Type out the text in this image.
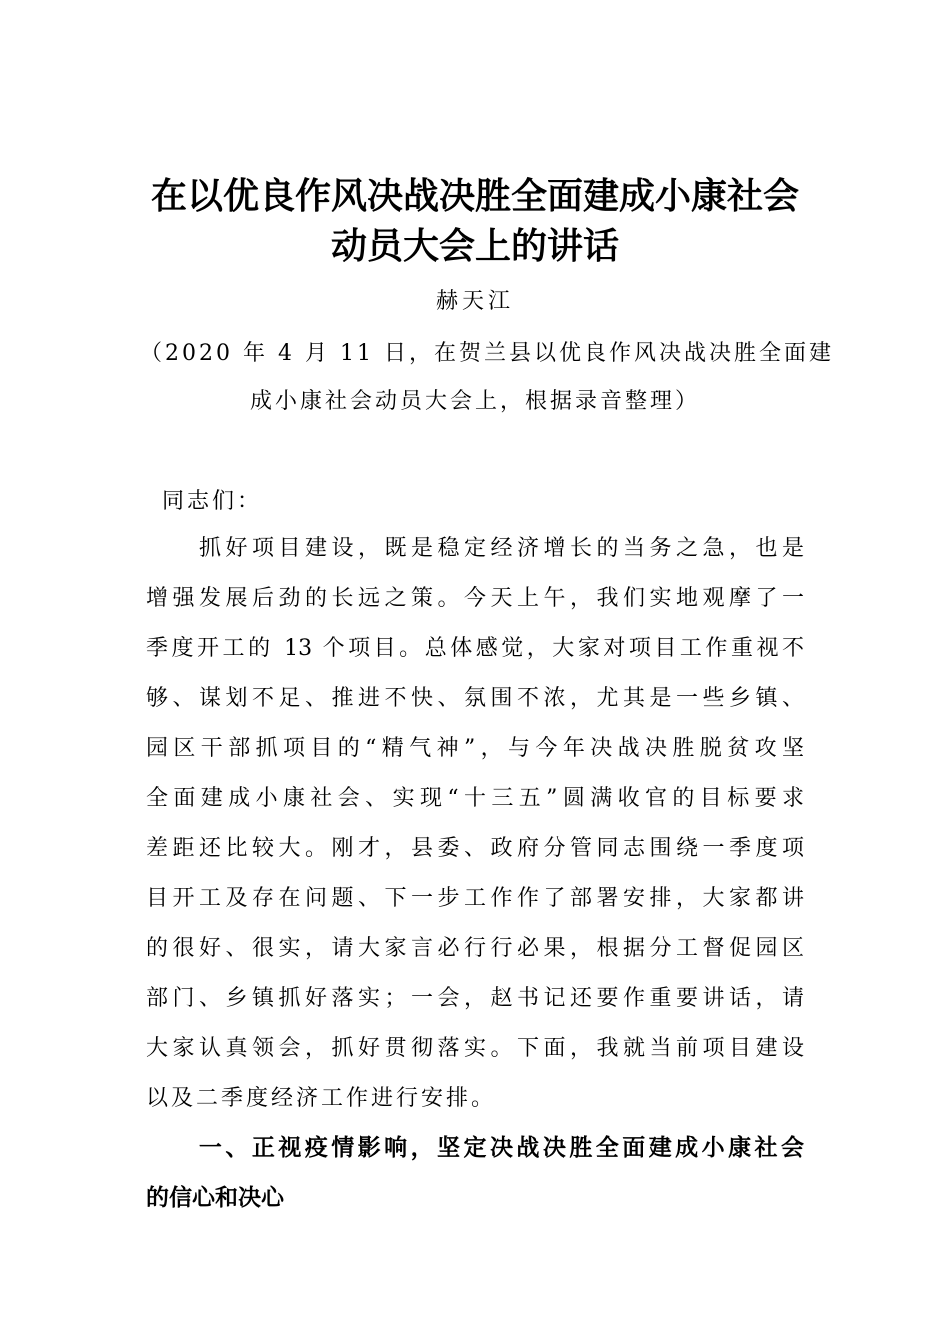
在以优良作风决战决胜全面建成小康社会
动员大会上的讲话
赫天江
（2020 年 4 月 11 日，在贺兰县以优良作风决战决胜全面建
成小康社会动员大会上，根据录音整理）
同志们：
　　抓好项目建设，既是稳定经济增长的当务之急，也是
增强发展后劲的长远之策。今天上午，我们实地观摩了一
季度开工的 13 个项目。总体感觉，大家对项目工作重视不
够、谋划不足、推进不快、氛围不浓，尤其是一些乡镇、
园区干部抓项目的“精气神”，与今年决战决胜脱贫攻坚
全面建成小康社会、实现“十三五”圆满收官的目标要求
差距还比较大。刚才，县委、政府分管同志围绕一季度项
目开工及存在问题、下一步工作作了部署安排，大家都讲
的很好、很实，请大家言必行行必果，根据分工督促园区
部门、乡镇抓好落实；一会，赵书记还要作重要讲话，请
大家认真领会，抓好贯彻落实。下面，我就当前项目建设
以及二季度经济工作进行安排。
　　一、正视疫情影响，坚定决战决胜全面建成小康社会
的信心和决心
